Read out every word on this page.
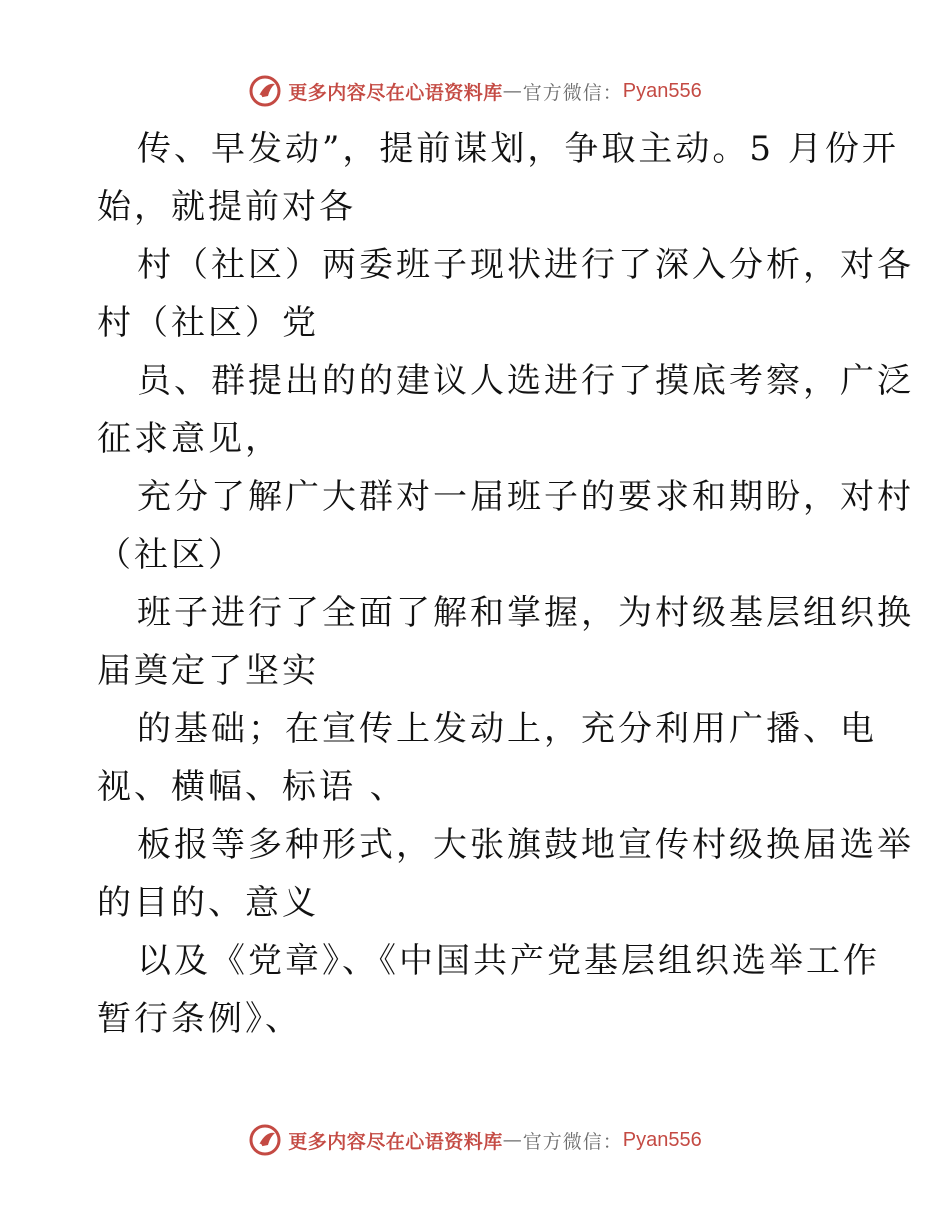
更多内容尽在心语资料库 — 官方微信： Pyan556
传、早发动”，提前谋划，争取主动。5 月份开
始，就提前对各
村（社区）两委班子现状进行了深入分析，对各
村（社区）党
员、群提出的的建议人选进行了摸底考察，广泛
征求意见，
充分了解广大群对一届班子的要求和期盼，对村
（社区）
班子进行了全面了解和掌握，为村级基层组织换
届奠定了坚实
的基础；在宣传上发动上，充分利用广播、电
视、横幅、标语 、
板报等多种形式，大张旗鼓地宣传村级换届选举
的目的、意义
以及《党章》、《中国共产党基层组织选举工作
暂行条例》、
更多内容尽在心语资料库 — 官方微信： Pyan556
